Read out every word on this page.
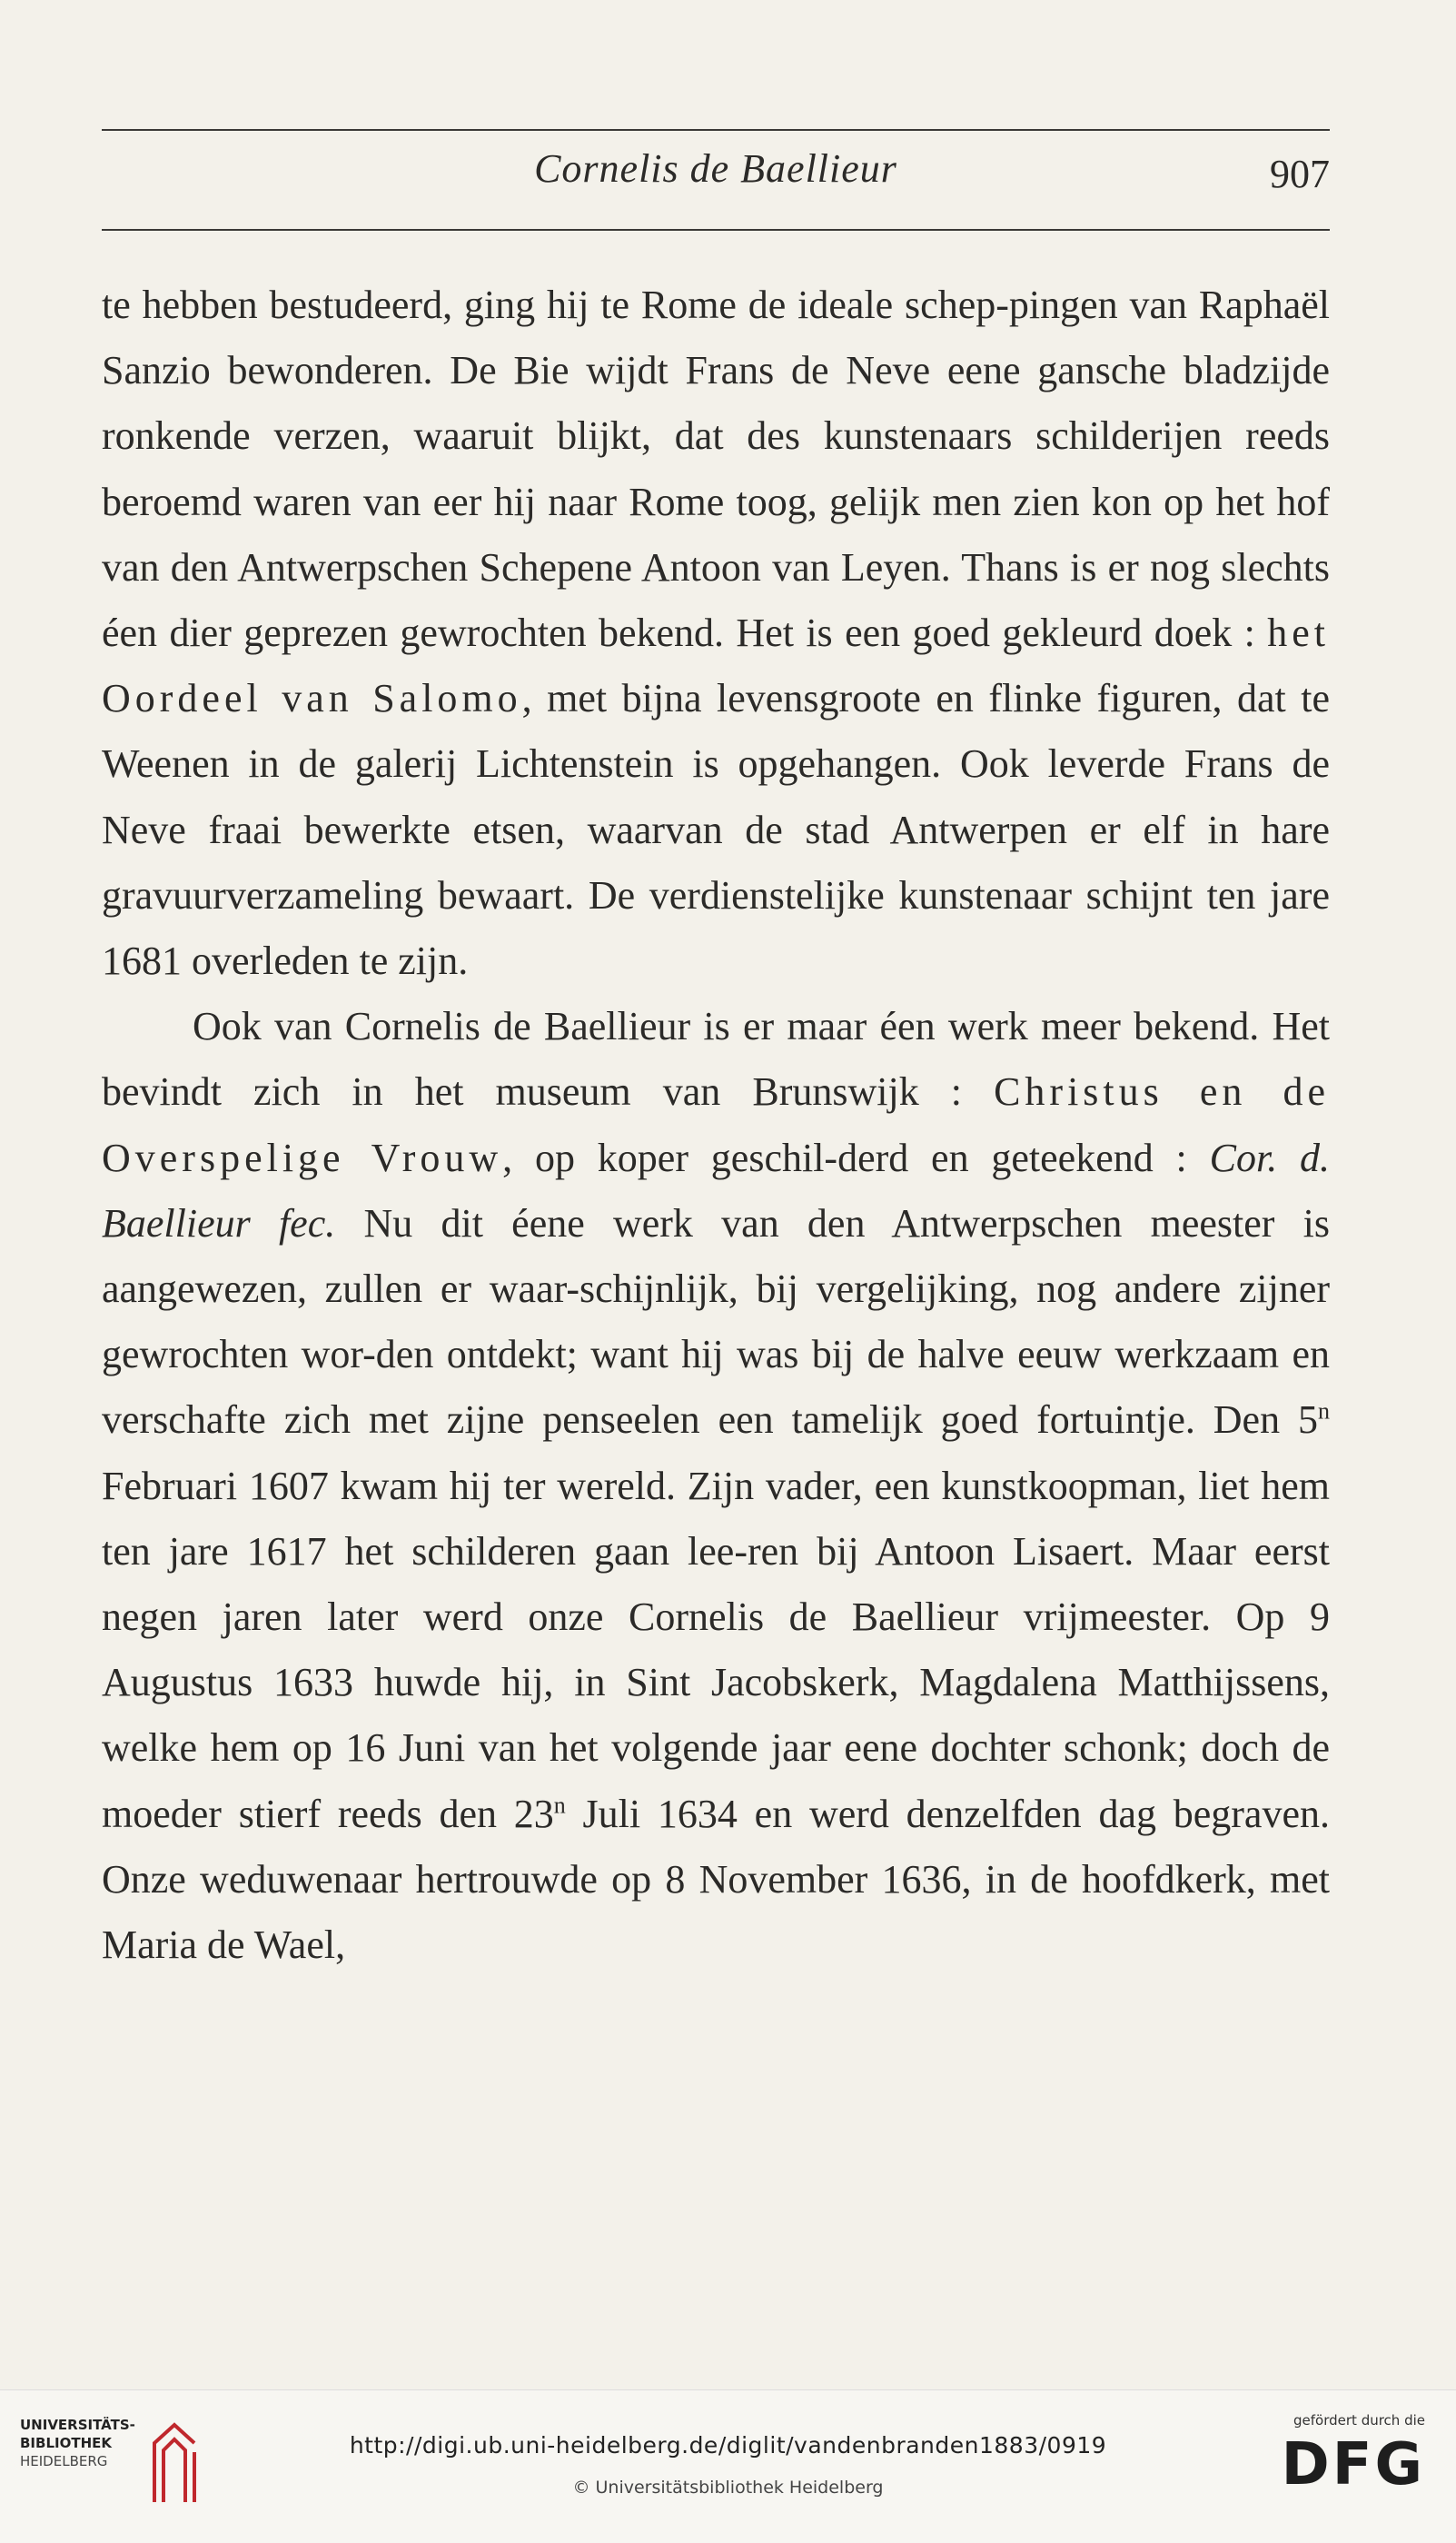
Cornelis de Baellieur	907

te hebben bestudeerd, ging hij te Rome de ideale schep-pingen van Raphaël Sanzio bewonderen. De Bie wijdt Frans de Neve eene gansche bladzijde ronkende verzen, waaruit blijkt, dat des kunstenaars schilderijen reeds beroemd waren van eer hij naar Rome toog, gelijk men zien kon op het hof van den Antwerpschen Schepene Antoon van Leyen. Thans is er nog slechts éen dier geprezen gewrochten bekend. Het is een goed gekleurd doek : het Oordeel van Salomo, met bijna levensgroote en flinke figuren, dat te Weenen in de galerij Lichtenstein is opgehangen. Ook leverde Frans de Neve fraai bewerkte etsen, waarvan de stad Antwerpen er elf in hare gravuurverzameling bewaart. De verdienstelijke kunstenaar schijnt ten jare 1681 overleden te zijn.

Ook van Cornelis de Baellieur is er maar éen werk meer bekend. Het bevindt zich in het museum van Brunswijk : Christus en de Overspelige Vrouw, op koper geschil-derd en geteekend : Cor. d. Baellieur fec. Nu dit éene werk van den Antwerpschen meester is aangewezen, zullen er waar-schijnlijk, bij vergelijking, nog andere zijner gewrochten wor-den ontdekt; want hij was bij de halve eeuw werkzaam en verschafte zich met zijne penseelen een tamelijk goed fortuintje. Den 5$^n$ Februari 1607 kwam hij ter wereld. Zijn vader, een kunstkoopman, liet hem ten jare 1617 het schilderen gaan lee-ren bij Antoon Lisaert. Maar eerst negen jaren later werd onze Cornelis de Baellieur vrijmeester. Op 9 Augustus 1633 huwde hij, in Sint Jacobskerk, Magdalena Matthijssens, welke hem op 16 Juni van het volgende jaar eene dochter schonk; doch de moeder stierf reeds den 23$^n$ Juli 1634 en werd denzelfden dag begraven. Onze weduwenaar hertrouwde op 8 November 1636, in de hoofdkerk, met Maria de Wael,

UNIVERSITÄTS-
BIBLIOTHEK
HEIDELBERG
http://digi.ub.uni-heidelberg.de/diglit/vandenbranden1883/0919
© Universitätsbibliothek Heidelberg
gefördert durch die
DFG
